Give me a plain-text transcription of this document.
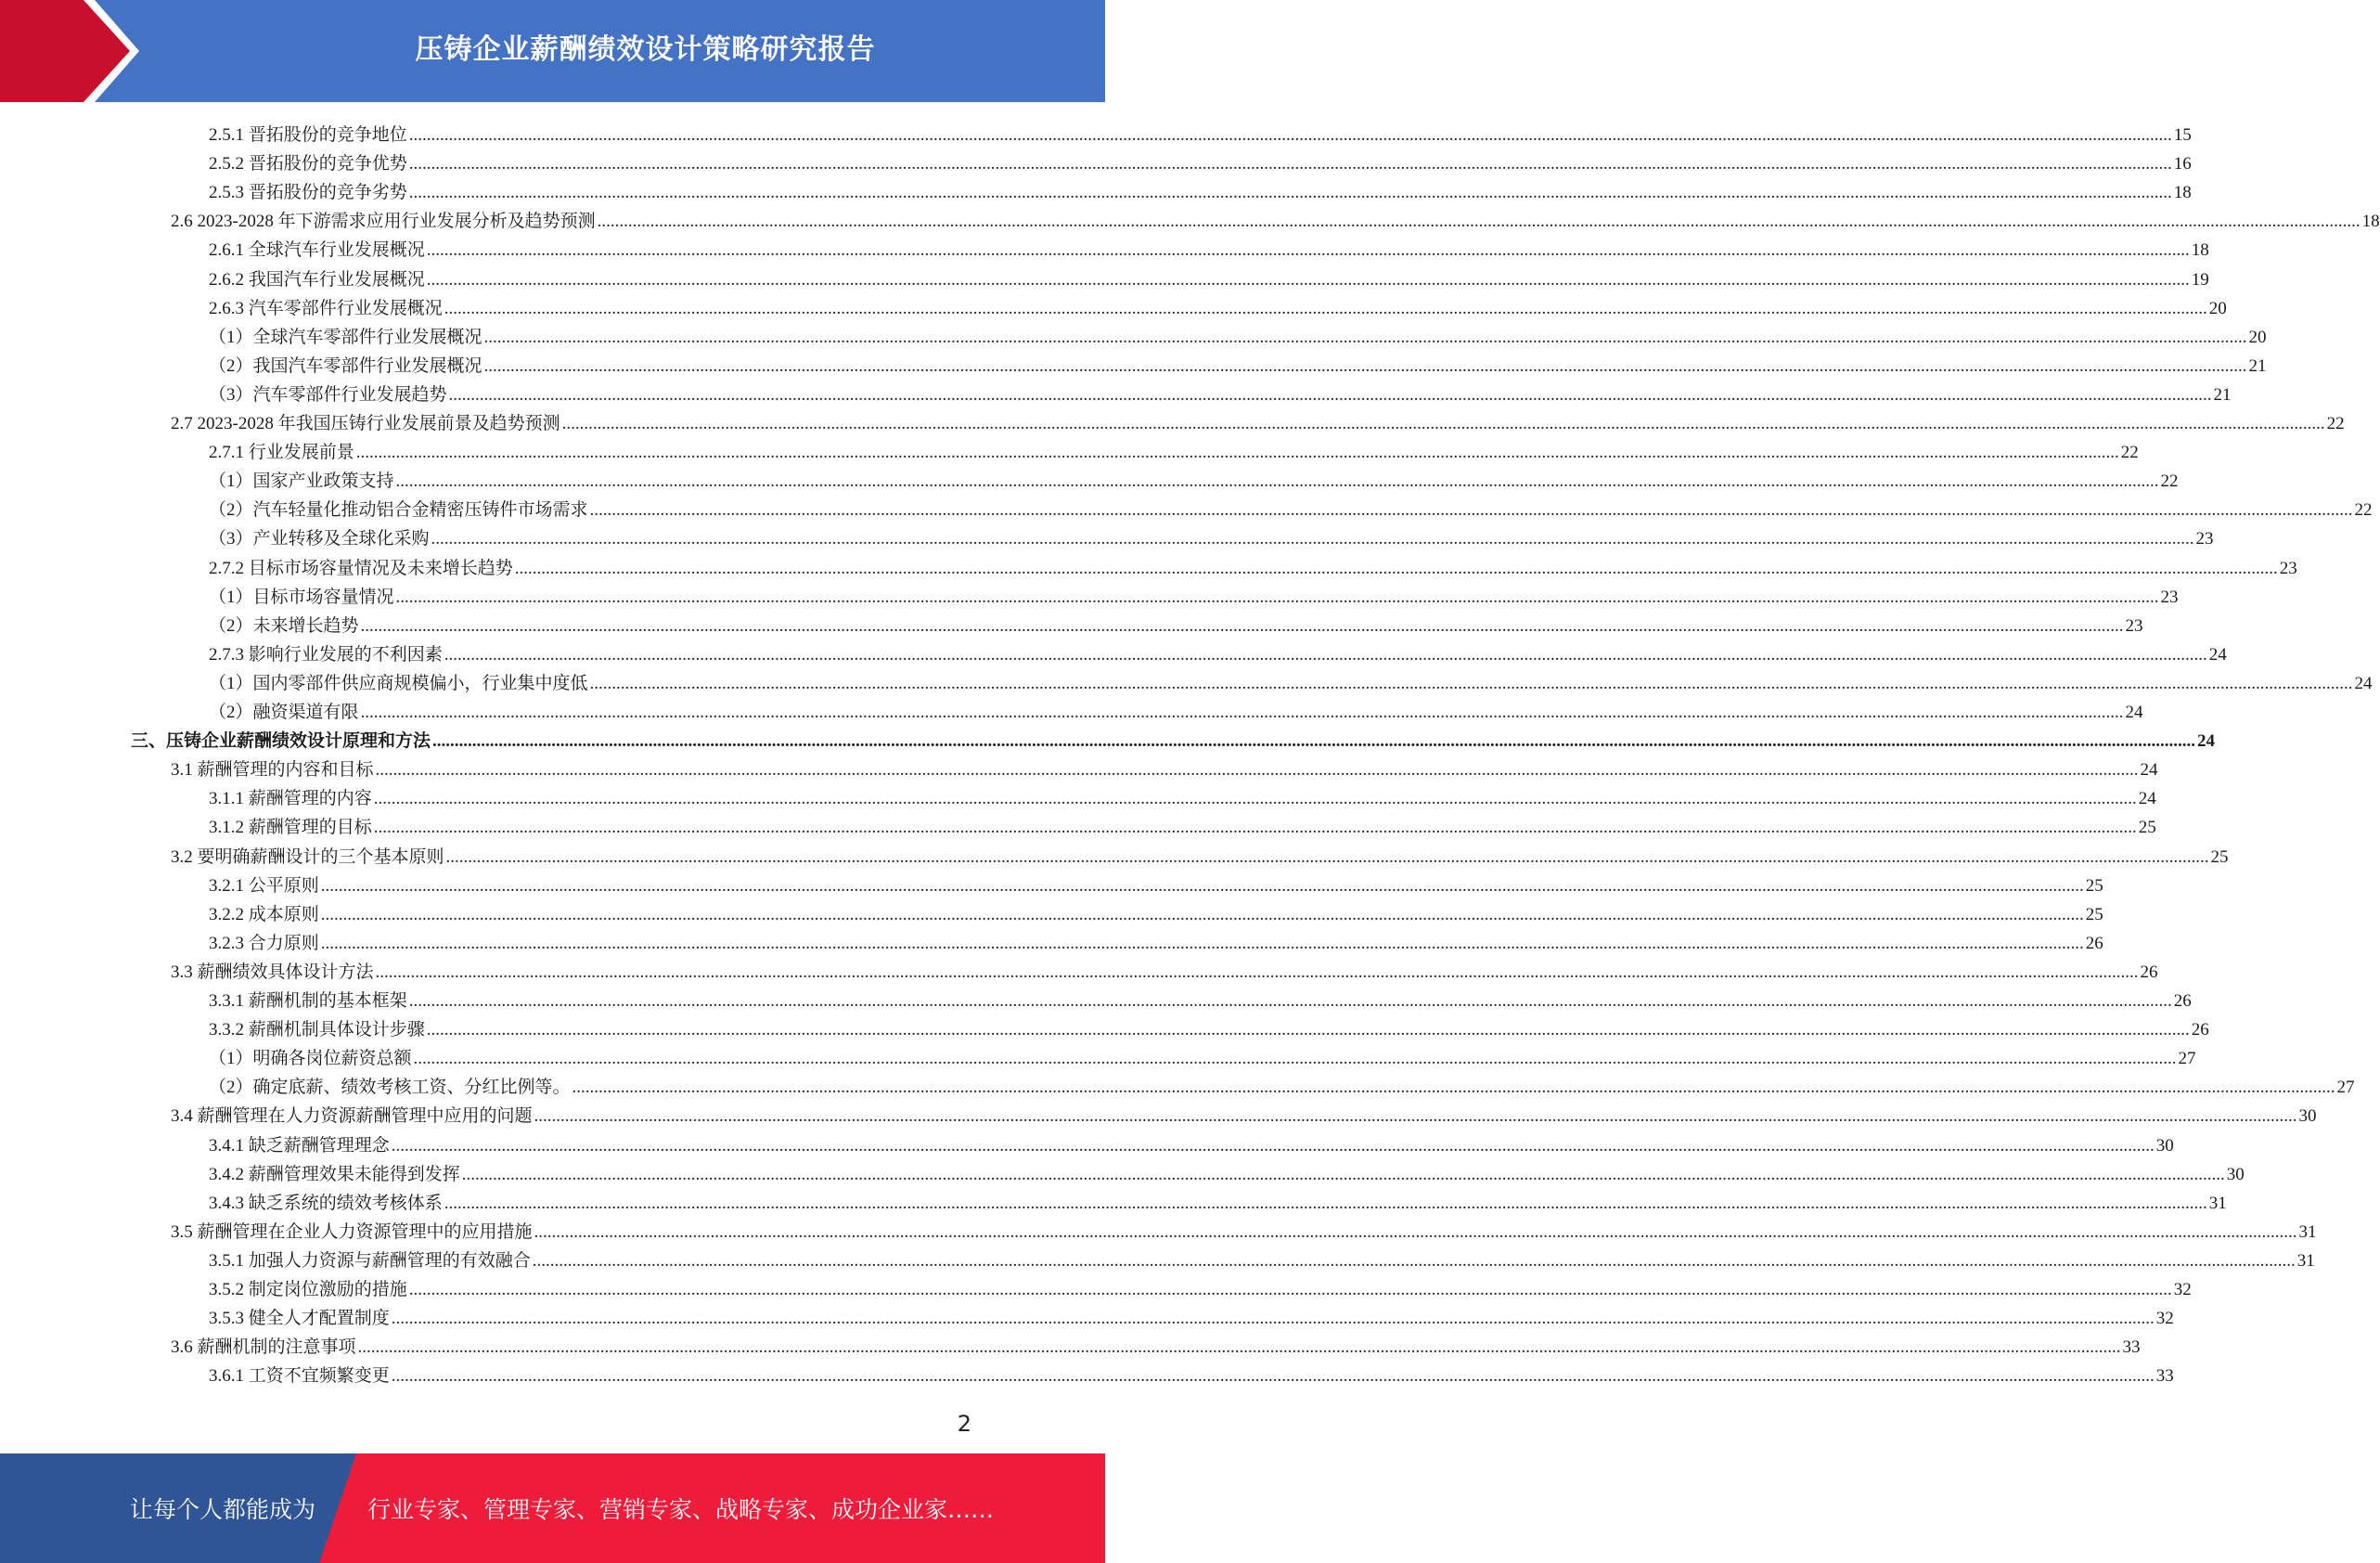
压铸企业薪酬绩效设计策略研究报告
2.5.1 晋拓股份的竞争地位 ................................................................................................................................................................................................................................................................................................................................................................................................................ 15
2.5.2 晋拓股份的竞争优势 ................................................................................................................................................................................................................................................................................................................................................................................................................ 16
2.5.3 晋拓股份的竞争劣势 ................................................................................................................................................................................................................................................................................................................................................................................................................ 18
2.6 2023-2028 年下游需求应用行业发展分析及趋势预测 ................................................................................................................................................................................................................................................................................................................................................................................................................ 18
2.6.1 全球汽车行业发展概况 ................................................................................................................................................................................................................................................................................................................................................................................................................ 18
2.6.2 我国汽车行业发展概况 ................................................................................................................................................................................................................................................................................................................................................................................................................ 19
2.6.3 汽车零部件行业发展概况 ................................................................................................................................................................................................................................................................................................................................................................................................................ 20
（1）全球汽车零部件行业发展概况 ................................................................................................................................................................................................................................................................................................................................................................................................................ 20
（2）我国汽车零部件行业发展概况 ................................................................................................................................................................................................................................................................................................................................................................................................................ 21
（3）汽车零部件行业发展趋势 ................................................................................................................................................................................................................................................................................................................................................................................................................ 21
2.7 2023-2028 年我国压铸行业发展前景及趋势预测 ................................................................................................................................................................................................................................................................................................................................................................................................................ 22
2.7.1 行业发展前景 ................................................................................................................................................................................................................................................................................................................................................................................................................ 22
（1）国家产业政策支持 ................................................................................................................................................................................................................................................................................................................................................................................................................ 22
（2）汽车轻量化推动铝合金精密压铸件市场需求 ................................................................................................................................................................................................................................................................................................................................................................................................................ 22
（3）产业转移及全球化采购 ................................................................................................................................................................................................................................................................................................................................................................................................................ 23
2.7.2 目标市场容量情况及未来增长趋势 ................................................................................................................................................................................................................................................................................................................................................................................................................ 23
（1）目标市场容量情况 ................................................................................................................................................................................................................................................................................................................................................................................................................ 23
（2）未来增长趋势 ................................................................................................................................................................................................................................................................................................................................................................................................................ 23
2.7.3 影响行业发展的不利因素 ................................................................................................................................................................................................................................................................................................................................................................................................................ 24
（1）国内零部件供应商规模偏小，行业集中度低 ................................................................................................................................................................................................................................................................................................................................................................................................................ 24
（2）融资渠道有限 ................................................................................................................................................................................................................................................................................................................................................................................................................ 24
三、压铸企业薪酬绩效设计原理和方法 ................................................................................................................................................................................................................................................................................................................................................................................................................ 24
3.1 薪酬管理的内容和目标 ................................................................................................................................................................................................................................................................................................................................................................................................................ 24
3.1.1 薪酬管理的内容 ................................................................................................................................................................................................................................................................................................................................................................................................................ 24
3.1.2 薪酬管理的目标 ................................................................................................................................................................................................................................................................................................................................................................................................................ 25
3.2 要明确薪酬设计的三个基本原则 ................................................................................................................................................................................................................................................................................................................................................................................................................ 25
3.2.1 公平原则 ................................................................................................................................................................................................................................................................................................................................................................................................................ 25
3.2.2 成本原则 ................................................................................................................................................................................................................................................................................................................................................................................................................ 25
3.2.3 合力原则 ................................................................................................................................................................................................................................................................................................................................................................................................................ 26
3.3 薪酬绩效具体设计方法 ................................................................................................................................................................................................................................................................................................................................................................................................................ 26
3.3.1 薪酬机制的基本框架 ................................................................................................................................................................................................................................................................................................................................................................................................................ 26
3.3.2 薪酬机制具体设计步骤 ................................................................................................................................................................................................................................................................................................................................................................................................................ 26
（1）明确各岗位薪资总额 ................................................................................................................................................................................................................................................................................................................................................................................................................ 27
（2）确定底薪、绩效考核工资、分红比例等。 ................................................................................................................................................................................................................................................................................................................................................................................................................ 27
3.4 薪酬管理在人力资源薪酬管理中应用的问题 ................................................................................................................................................................................................................................................................................................................................................................................................................ 30
3.4.1 缺乏薪酬管理理念 ................................................................................................................................................................................................................................................................................................................................................................................................................ 30
3.4.2 薪酬管理效果未能得到发挥 ................................................................................................................................................................................................................................................................................................................................................................................................................ 30
3.4.3 缺乏系统的绩效考核体系 ................................................................................................................................................................................................................................................................................................................................................................................................................ 31
3.5 薪酬管理在企业人力资源管理中的应用措施 ................................................................................................................................................................................................................................................................................................................................................................................................................ 31
3.5.1 加强人力资源与薪酬管理的有效融合 ................................................................................................................................................................................................................................................................................................................................................................................................................ 31
3.5.2 制定岗位激励的措施 ................................................................................................................................................................................................................................................................................................................................................................................................................ 32
3.5.3 健全人才配置制度 ................................................................................................................................................................................................................................................................................................................................................................................................................ 32
3.6 薪酬机制的注意事项 ................................................................................................................................................................................................................................................................................................................................................................................................................ 33
3.6.1 工资不宜频繁变更 ................................................................................................................................................................................................................................................................................................................................................................................................................ 33
2
让每个人都能成为 行业专家、管理专家、营销专家、战略专家、成功企业家……
